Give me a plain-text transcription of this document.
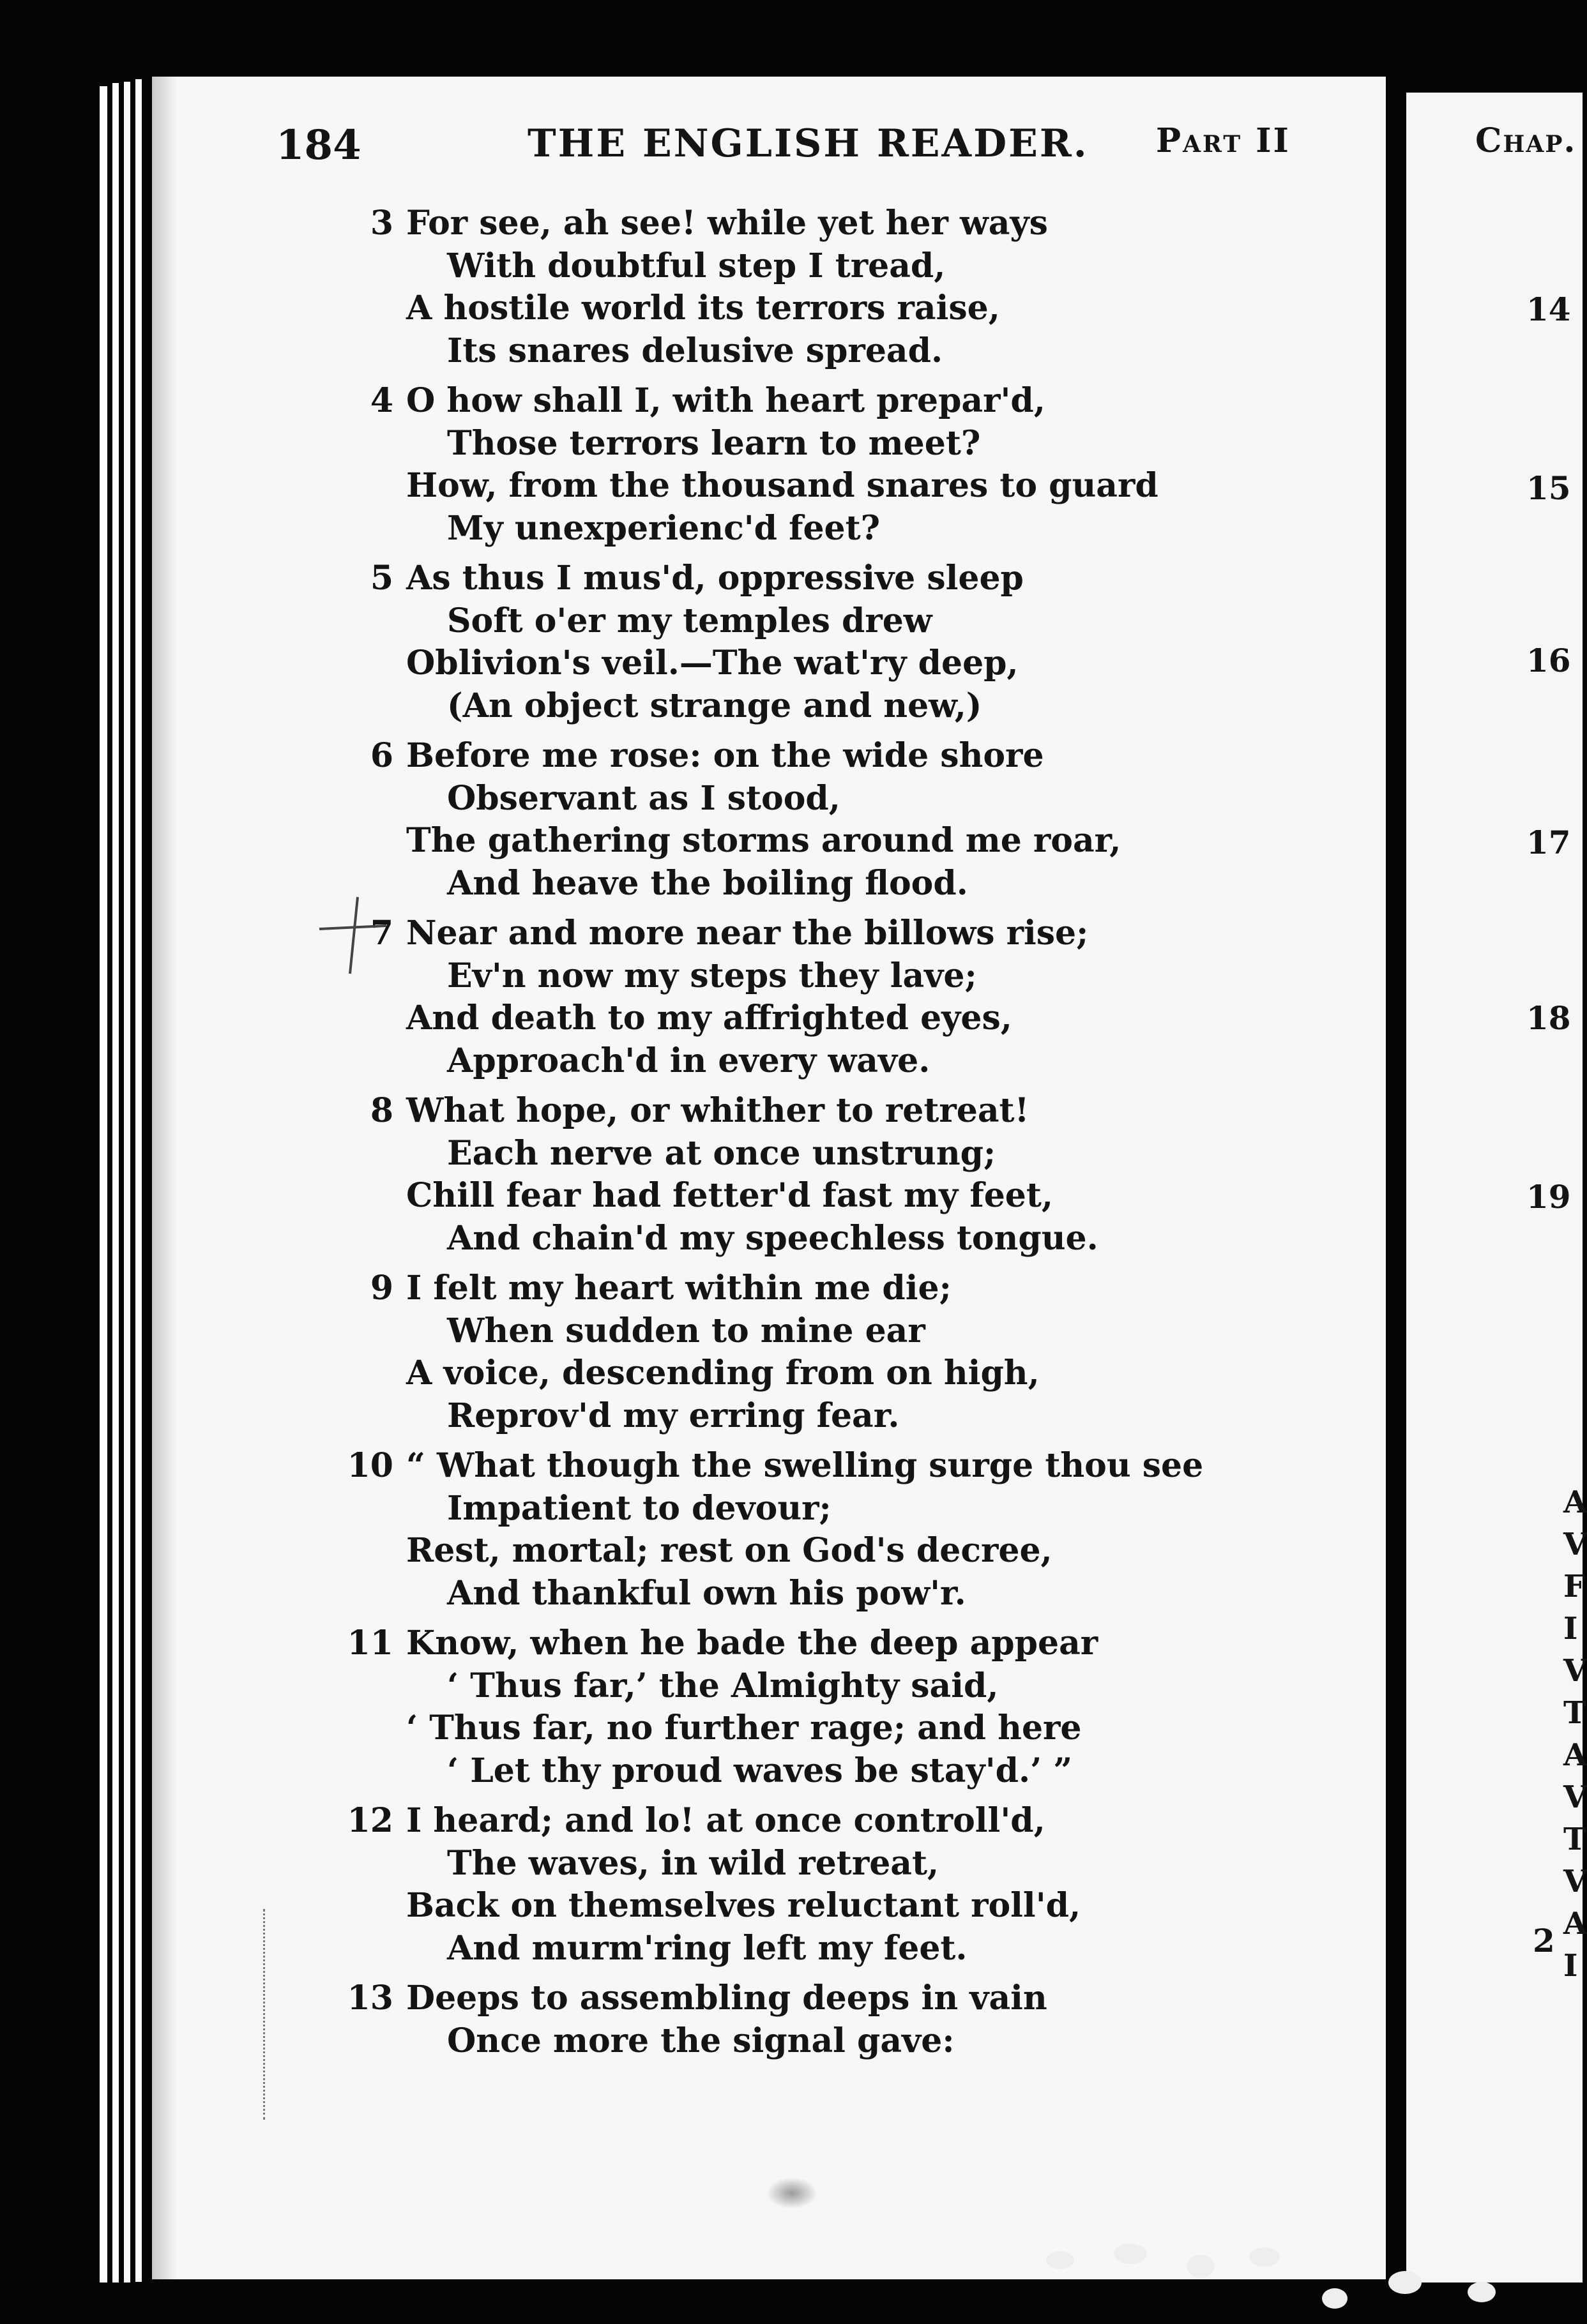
184	THE ENGLISH READER. Part II	Chap.
3 For see, ah see! while yet her ways
With doubtful step I tread,
A hostile world its terrors raise,
Its snares delusive spread.
4 O how shall I, with heart prepar'd,
Those terrors learn to meet?
How, from the thousand snares to guard
My unexperienc'd feet?
5 As thus I mus'd, oppressive sleep
Soft o'er my temples drew
Oblivion's veil.—The wat'ry deep,
(An object strange and new,)
6 Before me rose: on the wide shore
Observant as I stood,
The gathering storms around me roar,
And heave the boiling flood.
7 Near and more near the billows rise;
Ev'n now my steps they lave;
And death to my affrighted eyes,
Approach'd in every wave.
8 What hope, or whither to retreat!
Each nerve at once unstrung;
Chill fear had fetter'd fast my feet,
And chain'd my speechless tongue.
9 I felt my heart within me die;
When sudden to mine ear
A voice, descending from on high,
Reprov'd my erring fear.
10 “ What though the swelling surge thou see
Impatient to devour;
Rest, mortal; rest on God's decree,
And thankful own his pow'r.
11 Know, when he bade the deep appear
‘ Thus far,’ the Almighty said,
‘ Thus far, no further rage; and here
‘ Let thy proud waves be stay'd.’ ”
12 I heard; and lo! at once controll'd,
The waves, in wild retreat,
Back on themselves reluctant roll'd,
And murm'ring left my feet.
13 Deeps to assembling deeps in vain
Once more the signal gave:
14
15
16
17
18
19
2
A
V
F
I
V
T
A
V
T
V
A
I
